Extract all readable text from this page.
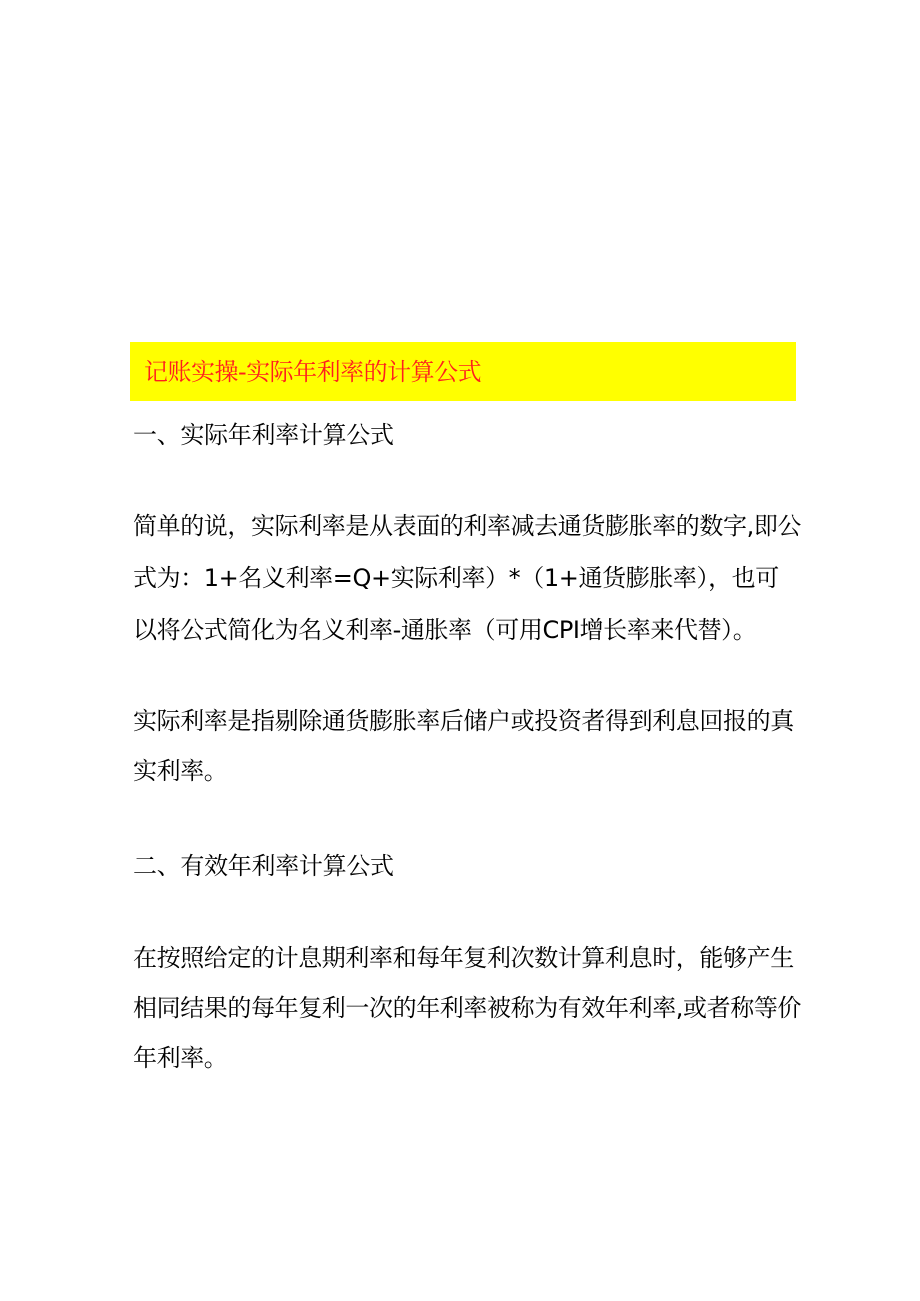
记账实操-实际年利率的计算公式
一、实际年利率计算公式
简单的说，实际利率是从表面的利率减去通货膨胀率的数字,即公
式为：1+名义利率=Q+实际利率）*（1+通货膨胀率），也可
以将公式简化为名义利率-通胀率（可用CPI增长率来代替）。
实际利率是指剔除通货膨胀率后储户或投资者得到利息回报的真
实利率。
二、有效年利率计算公式
在按照给定的计息期利率和每年复利次数计算利息时，能够产生
相同结果的每年复利一次的年利率被称为有效年利率,或者称等价
年利率。
